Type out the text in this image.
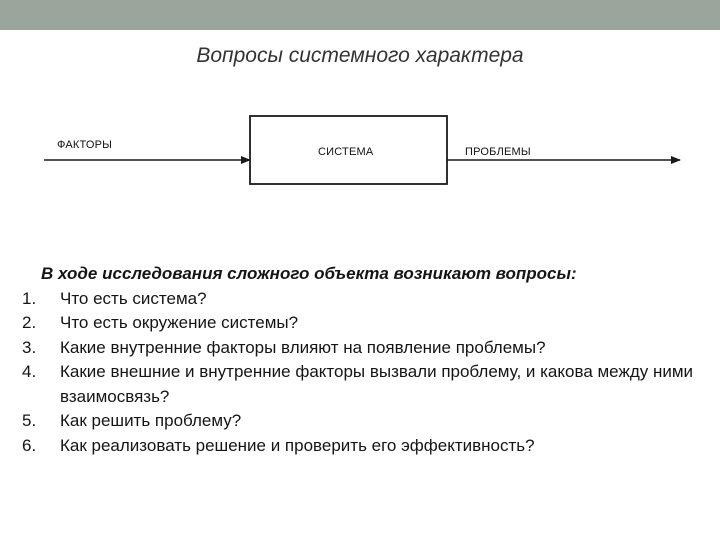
Вопросы системного характера
ФАКТОРЫ
СИСТЕМА	ПРОБЛЕМЫ
В ходе исследования сложного объекта возникают вопросы:
1.	Что есть система?
2.	Что есть окружение системы?
3.	Какие внутренние факторы влияют на появление проблемы?
4.	Какие внешние и внутренние факторы вызвали проблему, и какова между ними взаимосвязь?
5.	Как решить проблему?
6.	Как реализовать решение и проверить его эффективность?
